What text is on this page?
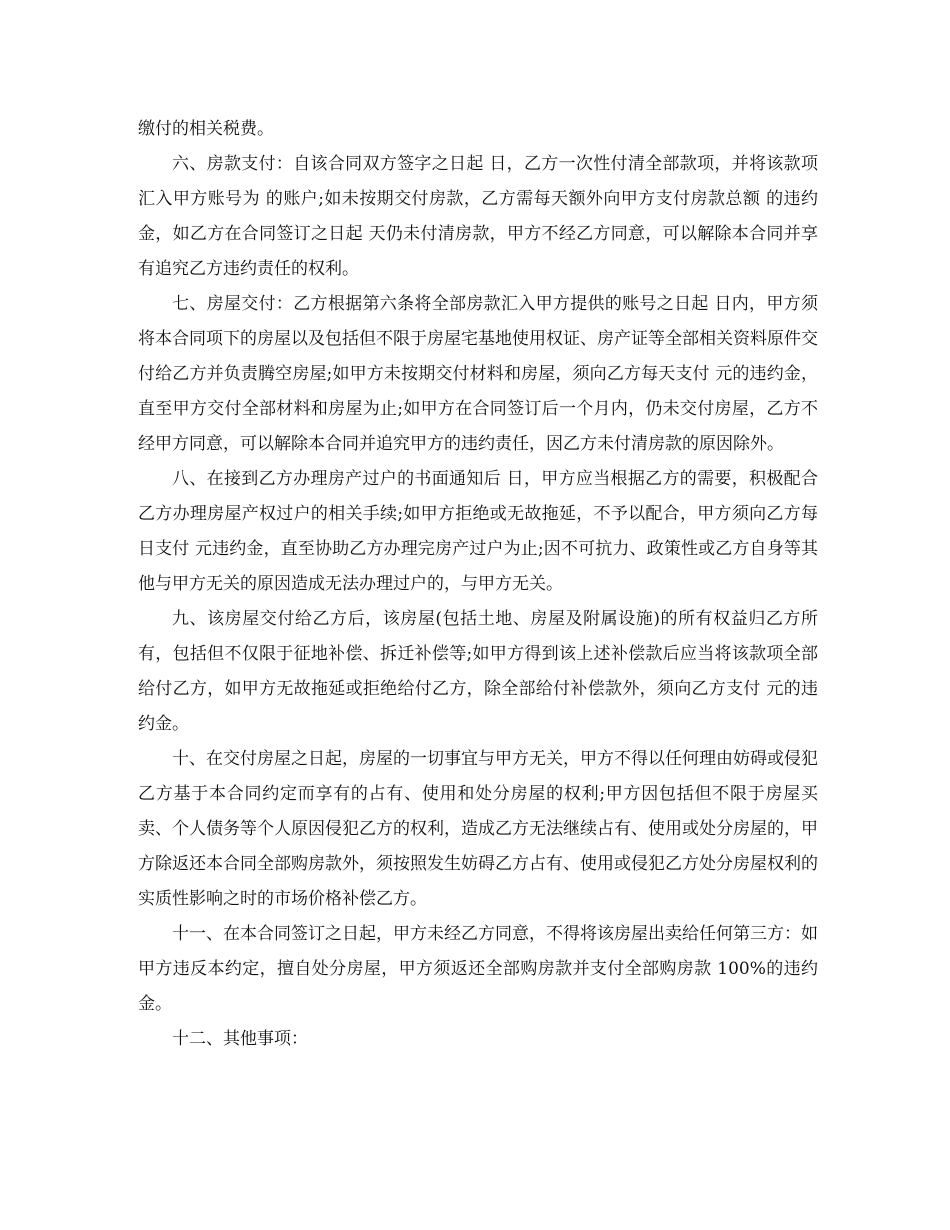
缴付的相关税费。

六、房款支付：自该合同双方签字之日起 日，乙方一次性付清全部款项，并将该款项汇入甲方账号为 的账户;如未按期交付房款，乙方需每天额外向甲方支付房款总额 的违约金，如乙方在合同签订之日起 天仍未付清房款，甲方不经乙方同意，可以解除本合同并享有追究乙方违约责任的权利。

七、房屋交付：乙方根据第六条将全部房款汇入甲方提供的账号之日起 日内，甲方须将本合同项下的房屋以及包括但不限于房屋宅基地使用权证、房产证等全部相关资料原件交付给乙方并负责腾空房屋;如甲方未按期交付材料和房屋，须向乙方每天支付 元的违约金，直至甲方交付全部材料和房屋为止;如甲方在合同签订后一个月内，仍未交付房屋，乙方不经甲方同意，可以解除本合同并追究甲方的违约责任，因乙方未付清房款的原因除外。

八、在接到乙方办理房产过户的书面通知后 日，甲方应当根据乙方的需要，积极配合乙方办理房屋产权过户的相关手续;如甲方拒绝或无故拖延，不予以配合，甲方须向乙方每日支付 元违约金，直至协助乙方办理完房产过户为止;因不可抗力、政策性或乙方自身等其他与甲方无关的原因造成无法办理过户的，与甲方无关。

九、该房屋交付给乙方后，该房屋(包括土地、房屋及附属设施)的所有权益归乙方所有，包括但不仅限于征地补偿、拆迁补偿等;如甲方得到该上述补偿款后应当将该款项全部给付乙方，如甲方无故拖延或拒绝给付乙方，除全部给付补偿款外，须向乙方支付 元的违约金。

十、在交付房屋之日起，房屋的一切事宜与甲方无关，甲方不得以任何理由妨碍或侵犯乙方基于本合同约定而享有的占有、使用和处分房屋的权利;甲方因包括但不限于房屋买卖、个人债务等个人原因侵犯乙方的权利，造成乙方无法继续占有、使用或处分房屋的，甲方除返还本合同全部购房款外，须按照发生妨碍乙方占有、使用或侵犯乙方处分房屋权利的实质性影响之时的市场价格补偿乙方。

十一、在本合同签订之日起，甲方未经乙方同意，不得将该房屋出卖给任何第三方：如甲方违反本约定，擅自处分房屋，甲方须返还全部购房款并支付全部购房款 100%的违约金。

十二、其他事项：
